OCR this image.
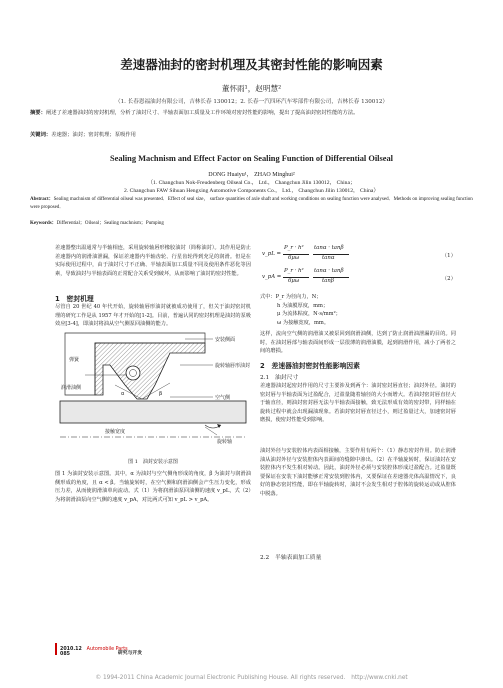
差速器油封的密封机理及其密封性能的影响因素
董怀雨¹，赵明慧²
（1. 长春恩福油封有限公司，吉林长春 130012；2. 长春一汽四环汽车零部件有限公司，吉林长春 130012）
摘要：阐述了差速器油封的密封机理，分析了油封尺寸、半轴表面加工质量及工作环境对密封性能的影响，提出了提高油封密封性能的方法。
关键词：差速器；油封；密封机理；泵吸作用
Sealing Machnism and Effect Factor on Sealing Function of Differential Oilseal
DONG Huaiyu¹， ZHAO Minghui²
（1. Changchun Nok-Freudenberg Oilseal Co.， Ltd.， Changchun Jilin 130012， China；
2. Changchun FAW Sihuan Hengxing Automotive Components Co.， Ltd.， Changchun Jilin 130012， China）
Abstract：Sealing machnism of differential oilseal was presented．Effect of seal size， surface quantities of axle shaft and working conditions on sealing function were analysed．Methods on improving sealing function were proposed．
Keywords：Differential；Oilseal；Sealing machnism；Pumping
差速器整出温通常与半轴相连，采用旋转轴唇形橡胶油封（简称油封）。其作用是防止差速器内的润滑油泄漏，保证差速器内半轴齿轮、行星齿轮得到充足的润滑。但是在实际使用过程中，由于油封尺寸不正确、半轴表面加工质量不同及使用条件恶化等因素，导致油封与半轴表面的正常配合关系受到破坏，从而影响了油封的密封性能。
1　密封机理
尽管自 20 世纪 40 年代开始，旋转轴唇形油封就被成功使用了，但关于油封密封机理的研究工作是从 1957 年才开始的[1-2]。目前，普遍认同的密封机理是油封的泵吸效应[3-4]，即油封将油从空气侧泵回油侧的能力。
安装侧面
弹簧
旋转轴唇形油封
润滑油侧
空气侧
α	β
接触宽度
旋转轴
图 1　油封安装示意图
图 1 为油封安装示意图。其中，α 为油封与空气侧角形成的角度，β 为油封与润滑油侧形成的角度，且 α < β。当轴旋转时，在空气侧和润滑油侧会产生压力变化，形成压力差，从而使润滑油单向流动。式（1）为将润滑油泵回油侧的速度 v_pL，式（2）为将润滑油泵向空气侧的速度 v_pA，对比两式可知 v_pL > v_pA。
v_pL =
P_r · h²
6μω
tanα · tanβ
tanα	（1）
v_pA =
P_r · h²
6μω
tanα · tanβ
tanβ	（2）
式中：P_r 为径向力，N；
h 为油膜厚度，mm；
μ 为流体粘度，N·s/mm²；
ω 为接触宽度，mm。
这样，流向空气侧的润滑油又被泵回到润滑油侧，达到了防止润滑油泄漏的目的。同时，在油封唇部与轴表面间形成一层很薄的润滑油膜，起到润滑作用，减小了两者之间的磨损。
2　差速器油封密封性能影响因素
2.1　油封尺寸
差速器油封起密封作用的尺寸主要涉及到两个：油封密封唇直径；油封外径。油封的密封唇与半轴表面为过盈配合，过盈量随着轴径的大小而增大。若油封密封唇直径大于轴直径，则油封密封唇无法与半轴表面接触，致无法形成有效的密封带，同样轴在旋转过程中就会出现漏油现象。若油封密封唇直径过小，则过盈量过大，加速密封唇磨损，使密封性能受到影响。
油封外径与安装腔体内表面相接触，主要作用有两个：（1）静态密封作用。防止润滑油从油封外径与安装腔体内表面间的缝隙中渗出。（2）在半轴旋转时，保证油封在安装腔体内不发生相对转动。因此，油封外径必须与安装腔体形成过盈配合。过盈量既要保证在安装下油封能够正常安装到腔体内，又要保证在差速器壳体高温情况下，良好的静态密封性能，即在半轴旋转时，油封不会发生相对于腔体的旋转运动或从腔体中脱落。
2.2　半轴表面加工质量
2010.12　 Automobile Parts
085	研究与开发
© 1994-2011 China Academic Journal Electronic Publishing House. All rights reserved.　http://www.cnki.net
